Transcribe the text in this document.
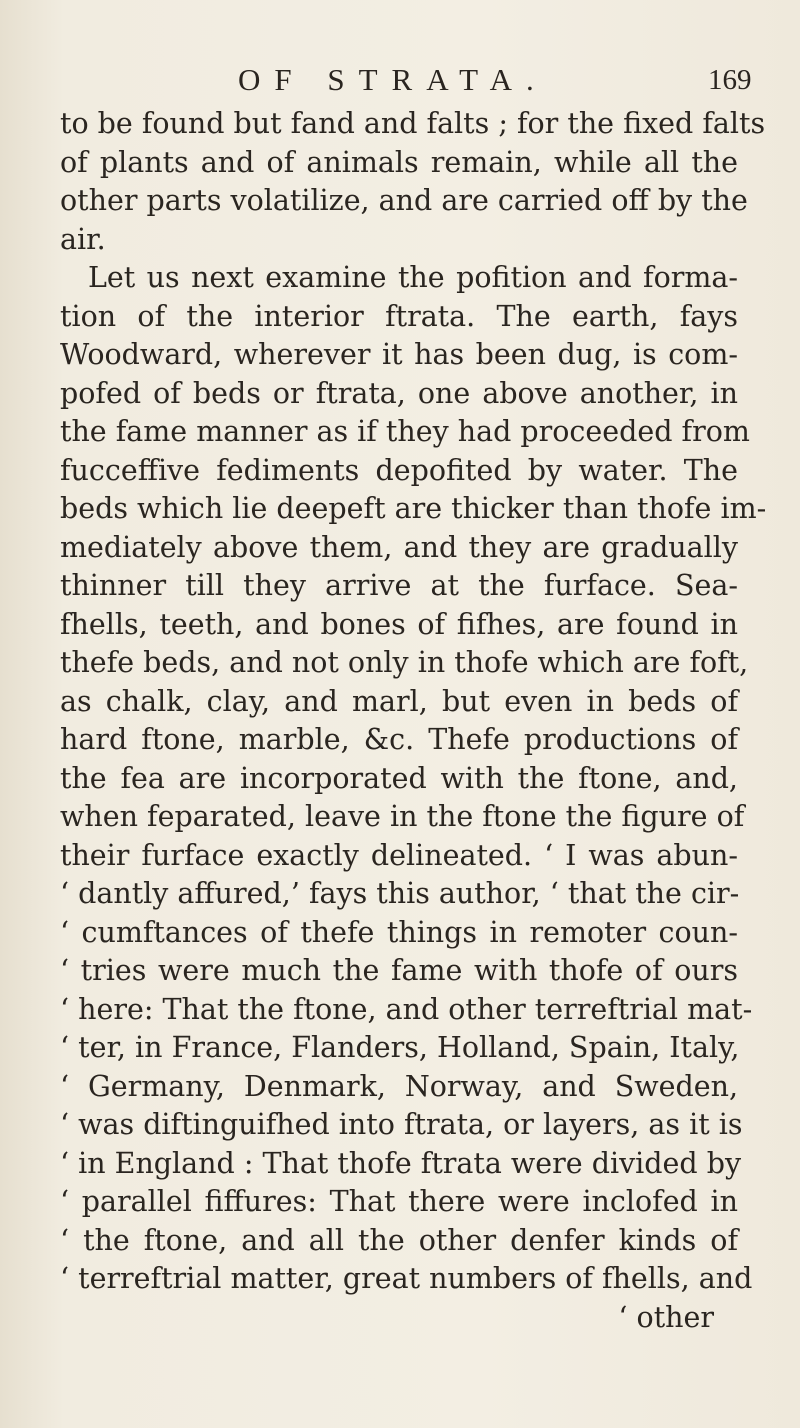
OF STRATA.	169
to be found but fand and falts ; for the fixed falts
of plants and of animals remain, while all the
other parts volatilize, and are carried off by the
air.
Let us next examine the pofition and forma-
tion of the interior ftrata. The earth, fays
Woodward, wherever it has been dug, is com-
pofed of beds or ftrata, one above another, in
the fame manner as if they had proceeded from
fucceffive fediments depofited by water. The
beds which lie deepeft are thicker than thofe im-
mediately above them, and they are gradually
thinner till they arrive at the furface. Sea-
fhells, teeth, and bones of fifhes, are found in
thefe beds, and not only in thofe which are foft,
as chalk, clay, and marl, but even in beds of
hard ftone, marble, &c. Thefe productions of
the fea are incorporated with the ftone, and,
when feparated, leave in the ftone the figure of
their furface exactly delineated. ‘ I was abun-
‘ dantly affured,’ fays this author, ‘ that the cir-
‘ cumftances of thefe things in remoter coun-
‘ tries were much the fame with thofe of ours
‘ here: That the ftone, and other terreftrial mat-
‘ ter, in France, Flanders, Holland, Spain, Italy,
‘ Germany, Denmark, Norway, and Sweden,
‘ was diftinguifhed into ftrata, or layers, as it is
‘ in England : That thofe ftrata were divided by
‘ parallel fiffures: That there were inclofed in
‘ the ftone, and all the other denfer kinds of
‘ terreftrial matter, great numbers of fhells, and
‘ other
